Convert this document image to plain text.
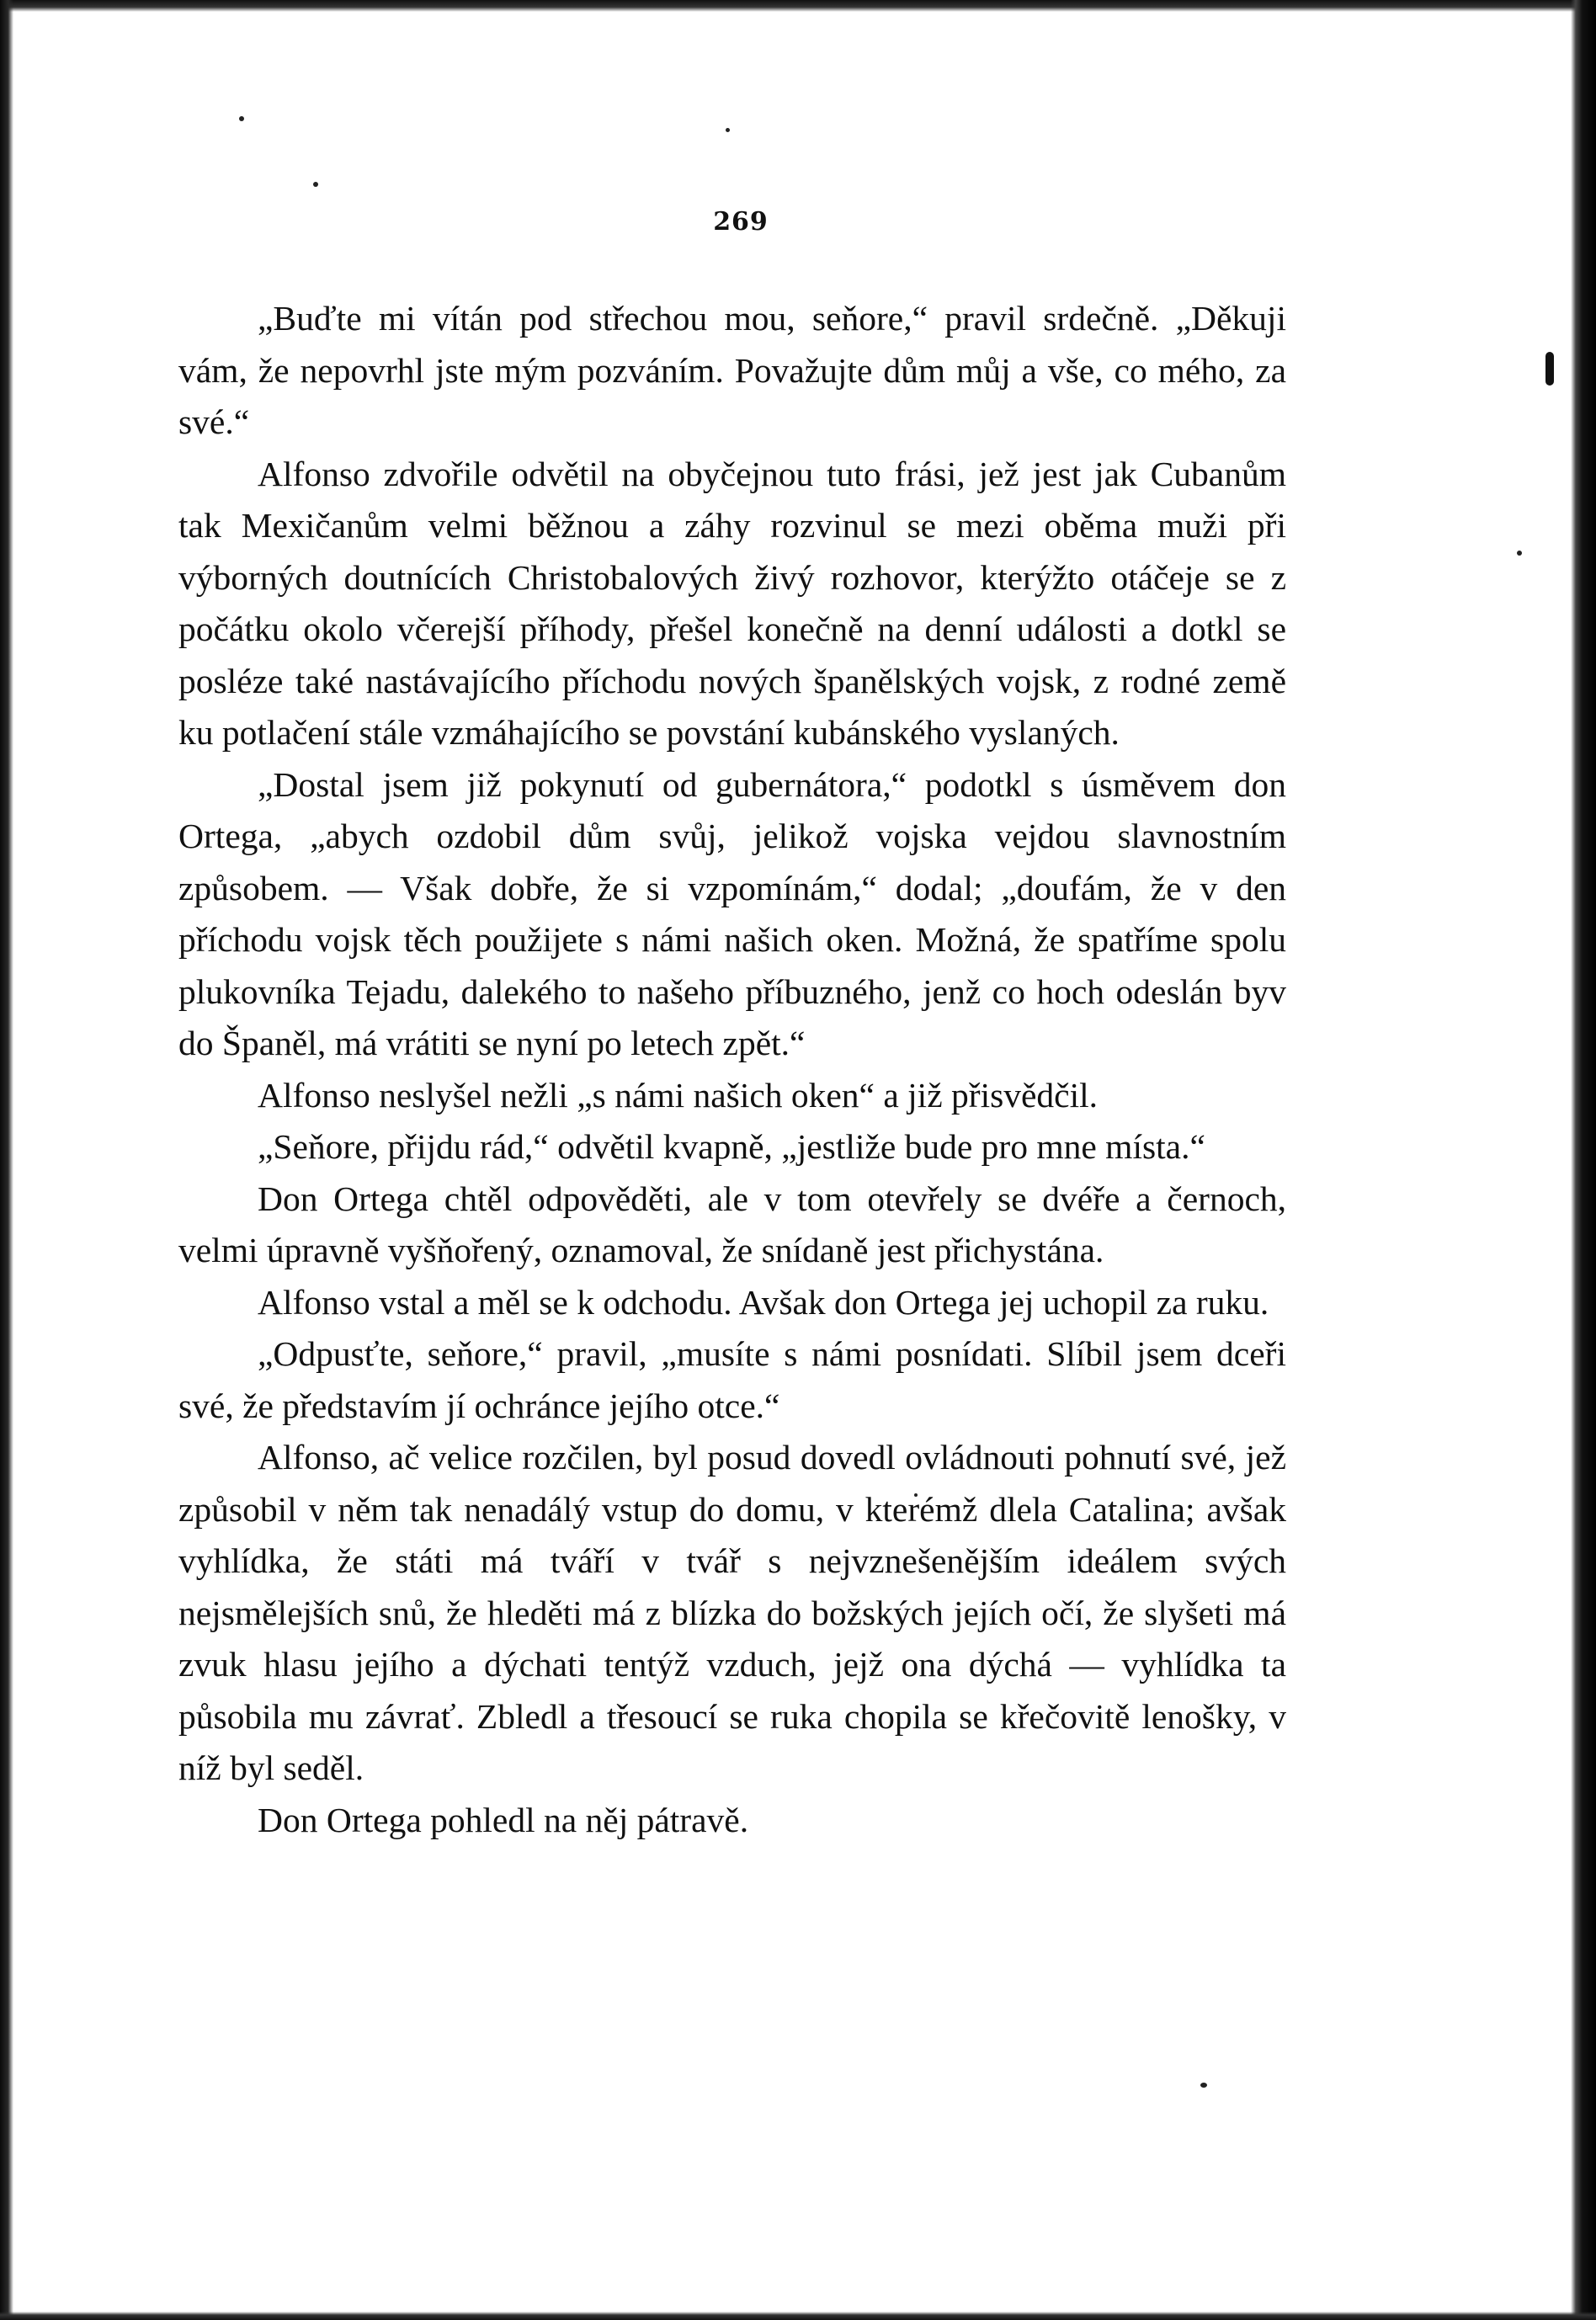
269

„Buďte mi vítán pod střechou mou, seňore,“ pravil srdečně. „Děkuji vám, že nepovrhl jste mým pozváním. Považujte dům můj a vše, co mého, za své.“

Alfonso zdvořile odvětil na obyčejnou tuto frási, jež jest jak Cubanům tak Mexičanům velmi běžnou a záhy rozvinul se mezi oběma muži při výborných doutnících Christobalových živý rozhovor, kterýžto otáčeje se z počátku okolo včerejší příhody, přešel konečně na denní události a dotkl se posléze také nastávajícího příchodu nových španělských vojsk, z rodné země ku potlačení stále vzmáhajícího se povstání kubánského vyslaných.

„Dostal jsem již pokynutí od gubernátora,“ podotkl s úsměvem don Ortega, „abych ozdobil dům svůj, jelikož vojska vejdou slavnostním způsobem. — Však dobře, že si vzpomínám,“ dodal; „doufám, že v den příchodu vojsk těch použijete s námi našich oken. Možná, že spatříme spolu plukovníka Tejadu, dalekého to našeho příbuzného, jenž co hoch odeslán byv do Španěl, má vrátiti se nyní po letech zpět.“

Alfonso neslyšel nežli „s námi našich oken“ a již přisvědčil.

„Seňore, přijdu rád,“ odvětil kvapně, „jestliže bude pro mne místa.“

Don Ortega chtěl odpověděti, ale v tom otevřely se dvéře a černoch, velmi úpravně vyšňořený, oznamoval, že snídaně jest přichystána.

Alfonso vstal a měl se k odchodu. Avšak don Ortega jej uchopil za ruku.

„Odpusťte, seňore,“ pravil, „musíte s námi posnídati. Slíbil jsem dceři své, že představím jí ochránce jejího otce.“

Alfonso, ač velice rozčilen, byl posud dovedl ovládnouti pohnutí své, jež způsobil v něm tak nenadálý vstup do domu, v kterémž dlela Catalina; avšak vyhlídka, že státi má tváří v tvář s nejvznešenějším ideálem svých nejsmělejších snů, že hleděti má z blízka do božských jejích očí, že slyšeti má zvuk hlasu jejího a dýchati tentýž vzduch, jejž ona dýchá — vyhlídka ta působila mu závrať. Zbledl a třesoucí se ruka chopila se křečovitě lenošky, v níž byl seděl.

Don Ortega pohledl na něj pátravě.
